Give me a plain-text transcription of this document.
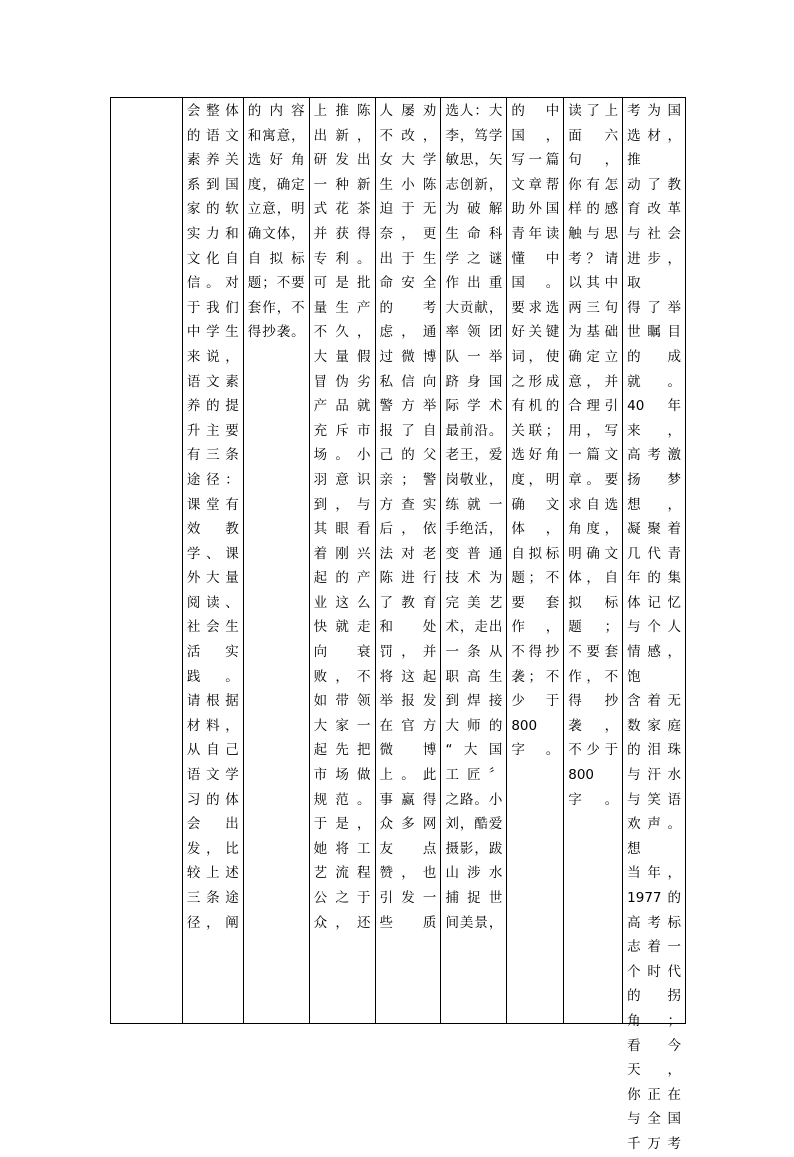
会整体
的语文
素养关
系到国
家的软
实力和
文化自
信。对
于我们
中学生
来说，
语文素
养的提
升主要
有三条
途径：
课堂有
效教
学、课
外大量
阅读、
社会生
活实
践。
请根据
材料，
从自己
语文学
习的体
会出
发，比
较上述
三条途
径，阐
的内容
和寓意，
选好角
度，确定
立意，明
确文体，
自拟标
题；不要
套作，不
得抄袭。
上推陈
出新，
研发出
一种新
式花茶
并获得
专利。
可是批
量生产
不久，
大量假
冒伪劣
产品就
充斥市
场。小
羽意识
到，与
其眼看
着刚兴
起的产
业这么
快就走
向衰
败，不
如带领
大家一
起先把
市场做
规范。
于是，
她将工
艺流程
公之于
众，还
人屡劝
不改，
女大学
生小陈
迫于无
奈，更
出于生
命安全
的考
虑，通
过微博
私信向
警方举
报了自
己的父
亲；警
方查实
后，依
法对老
陈进行
了教育
和处
罚，并
将这起
举报发
在官方
微博
上。此
事赢得
众多网
友点
赞，也
引发一
些质
选人：大
李，笃学
敏思，矢
志创新，
为破解
生命科
学之谜
作出重
大贡献，
率领团
队一举
跻身国
际学术
最前沿。
老王，爱
岗敬业，
练就一
手绝活，
变普通
技术为
完美艺
术，走出
一条从
职高生
到焊接
大师的
“大国
工匠〞
之路。小
刘，酷爱
摄影，跋
山涉水
捕捉世
间美景，
的中国，
写一篇
文章帮
助外国
青年读
懂中国。
要求选
好关键
词，使
之形成
有机的
关联；
选好角
度，明
确文体，
自拟标
题；不
要套作，
不得抄
袭；不
少于
800字。
读了上
面六句，
你有怎
样的感
触与思
考？请
以其中
两三句
为基础
确定立
意，并
合理引
用，写
一篇文
章。要
求自选
角度，
明确文
体，自
拟标题；
不要套
作，不
得抄袭，
不少于
800字。
考为国
选材，推
动了教
育改革
与社会
进步，取
得了举
世瞩目
的成就。
40年来，
高考激
扬梦想，
凝聚着
几代青
年的集
体记忆
与个人
情感，饱
含着无
数家庭
的泪珠
与汗水
与笑语
欢声。想
当年，
1977的
高考标
志着一
个时代
的拐角；
看今天，
你正在
与全国
千万考
